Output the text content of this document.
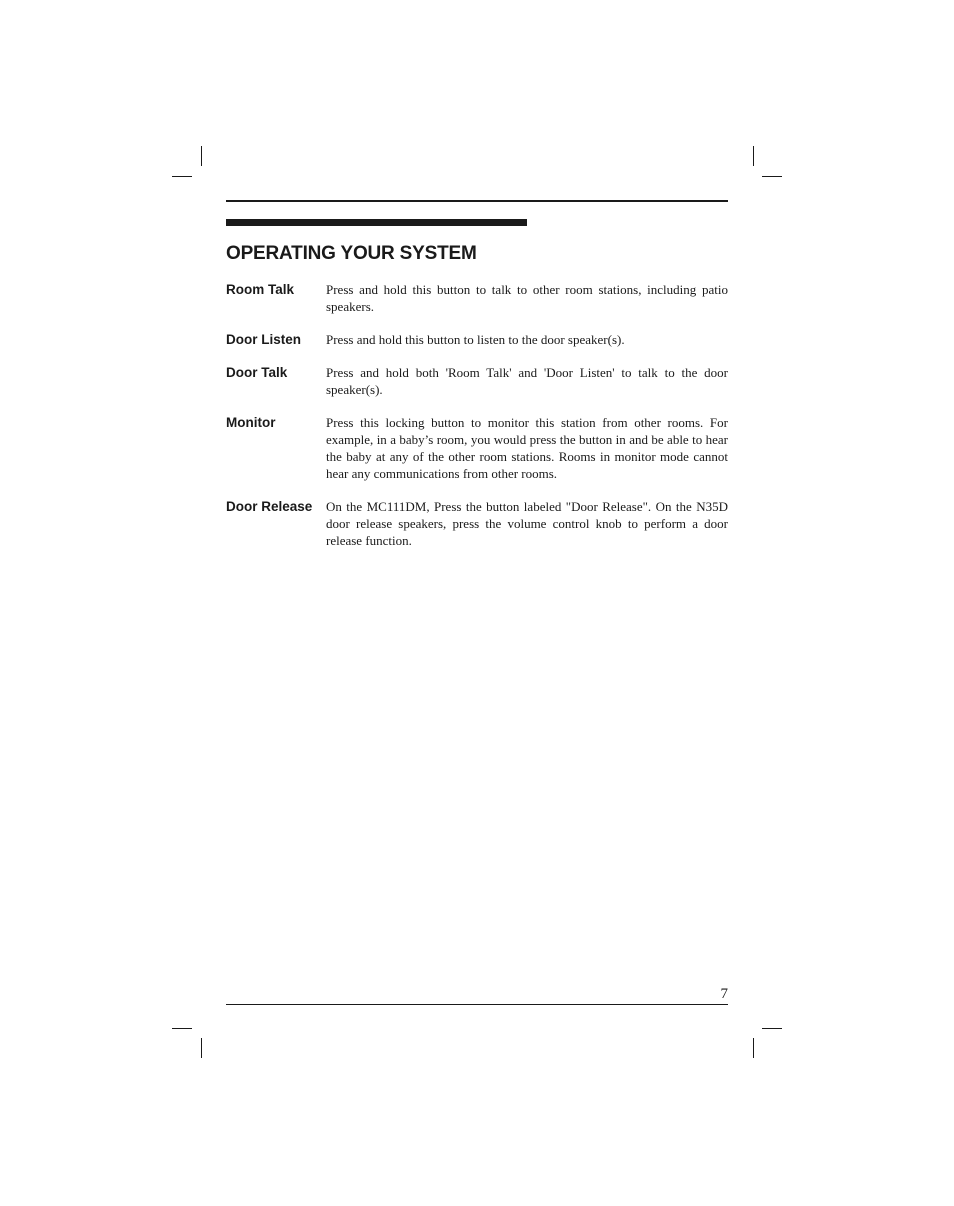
OPERATING YOUR SYSTEM
Room Talk	Press and hold this button to talk to other room stations, including patio speakers.
Door Listen	Press and hold this button to listen to the door speaker(s).
Door Talk	Press and hold both 'Room Talk' and 'Door Listen' to talk to the door speaker(s).
Monitor	Press this locking button to monitor this station from other rooms. For example, in a baby’s room, you would press the button in and be able to hear the baby at any of the other room stations. Rooms in monitor mode cannot hear any communications from other rooms.
Door Release	On the MC111DM, Press the button labeled "Door Release". On the N35D door release speakers, press the volume control knob to perform a door release function.
7
